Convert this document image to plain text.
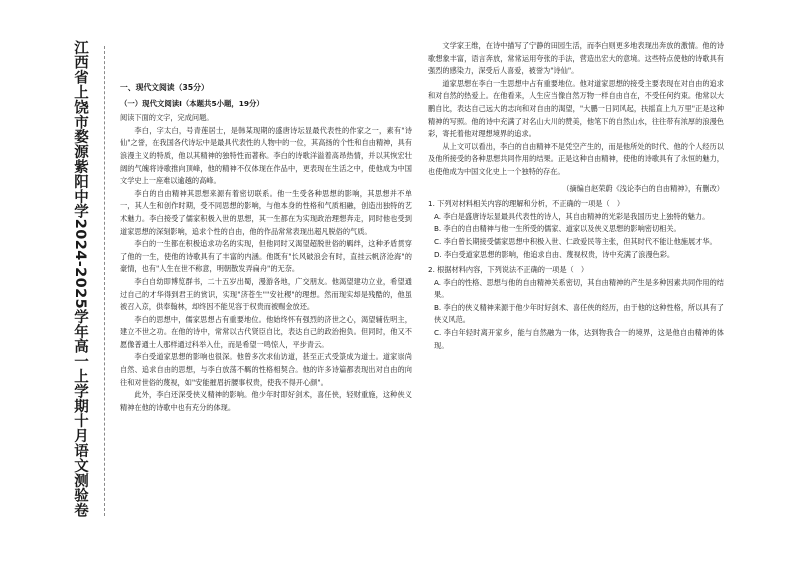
江西省上饶市婺源紫阳中学2024-2025学年高一上学期十月语文测验卷	一、现代文阅读（35分）

（一）现代文阅读Ⅰ（本题共5小题，19分）

阅读下面的文字，完成问题。

李白，字太白，号青莲居士，是韩某现期的盛唐诗坛显最代表性的作家之一，素有"诗仙"之誉，在我国各代诗坛中是最具代表性的人物中的一位，其高扬的个性和自由精神，具有浪漫主义的特质，他以其精神的独特性而著称。李白的诗歌洋溢着高昂热情，并以其恢宏壮阔的气魄将诗歌推向顶峰，他的精神不仅体现在作品中，更表现在生活之中，使他成为中国文学史上一座难以逾越的高峰。

李白的自由精神其思想来源有着密切联系。他一生受各种思想的影响，其思想并不单一，其人生和创作时期，受不同思想的影响，与他本身的性格和气质相融，创造出独特的艺术魅力。李白接受了儒家积极入世的思想，其一生都在为实现政治理想奔走，同时他也受到道家思想的深刻影响，追求个性的自由，他的作品常常表现出超凡脱俗的气质。

李白的一生都在积极追求功名的实现，但他同时又渴望超脱世俗的羁绊，这种矛盾贯穿了他的一生，使他的诗歌具有了丰富的内涵。他既有"长风破浪会有时，直挂云帆济沧海"的豪情，也有"人生在世不称意，明朝散发弄扁舟"的无奈。

李白自幼即博览群书，二十五岁出蜀，漫游各地，广交朋友。他渴望建功立业，希望通过自己的才华得到君王的赏识，实现"济苍生""安社稷"的理想。然而现实却是残酷的，他虽被召入京，供奉翰林，却终因不能见容于权贵而被赐金放还。

李白的思想中，儒家思想占有重要地位。他始终怀有强烈的济世之心，渴望辅佐明主，建立不世之功。在他的诗中，常常以古代贤臣自比，表达自己的政治抱负。但同时，他又不愿像普通士人那样通过科举入仕，而是希望一鸣惊人，平步青云。

李白受道家思想的影响也很深。他曾多次求仙访道，甚至正式受箓成为道士。道家崇尚自然、追求自由的思想，与李白放荡不羁的性格相契合。他的许多诗篇都表现出对自由的向往和对世俗的蔑视，如"安能摧眉折腰事权贵，使我不得开心颜"。

此外，李白还深受侠义精神的影响。他少年时即好剑术，喜任侠，轻财重施，这种侠义精神在他的诗歌中也有充分的体现。

文学家王维，在诗中描写了宁静的田园生活，而李白则更多地表现出奔放的激情。他的诗歌想象丰富，语言奔放，常常运用夸张的手法，营造出宏大的意境。这些特点使他的诗歌具有强烈的感染力，深受后人喜爱，被誉为"诗仙"。

道家思想在李白一生思想中占有重要地位。他对道家思想的接受主要表现在对自由的追求和对自然的热爱上。在他看来，人生应当像自然万物一样自由自在，不受任何约束。他常以大鹏自比，表达自己远大的志向和对自由的渴望，"大鹏一日同风起，扶摇直上九万里"正是这种精神的写照。他的诗中充满了对名山大川的赞美，他笔下的自然山水，往往带有浓厚的浪漫色彩，寄托着他对理想境界的追求。

从上文可以看出，李白的自由精神不是凭空产生的，而是他所处的时代、他的个人经历以及他所接受的各种思想共同作用的结果。正是这种自由精神，使他的诗歌具有了永恒的魅力，也使他成为中国文化史上一个独特的存在。

（摘编自赵荣蔚《浅论李白的自由精神》，有删改）

1. 下列对材料相关内容的理解和分析，不正确的一项是（　）

A. 李白是盛唐诗坛显最具代表性的诗人，其自由精神的光彩是我国历史上独特的魅力。

B. 李白的自由精神与他一生所受的儒家、道家以及侠义思想的影响密切相关。

C. 李白曾长期接受儒家思想中积极入世、仁政爱民等主张，但其时代不能让他施展才华。

D. 李白受道家思想的影响，他追求自由、蔑视权贵，诗中充满了浪漫色彩。

2. 根据材料内容，下列说法不正确的一项是（　）

A. 李白的性格、思想与他的自由精神关系密切，其自由精神的产生是多种因素共同作用的结果。

B. 李白的侠义精神来源于他少年时好剑术、喜任侠的经历，由于他的这种性格，所以具有了侠义风范。

C. 李白年轻时离开家乡，能与自然融为一体，达到物我合一的境界，这是他自由精神的体现。
